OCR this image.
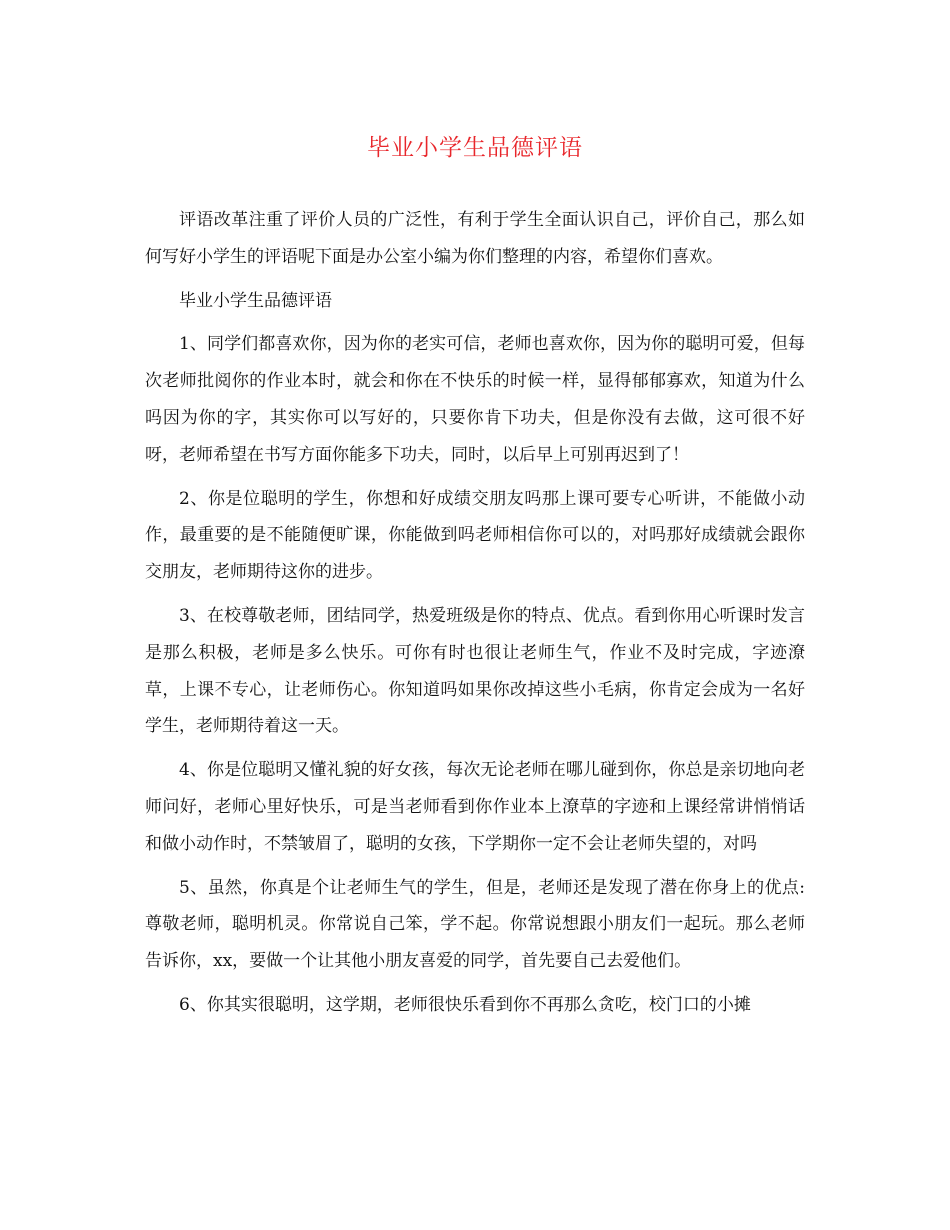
毕业小学生品德评语

评语改革注重了评价人员的广泛性，有利于学生全面认识自己，评价自己，那么如何写好小学生的评语呢下面是办公室小编为你们整理的内容，希望你们喜欢。

毕业小学生品德评语

1、同学们都喜欢你，因为你的老实可信，老师也喜欢你，因为你的聪明可爱，但每次老师批阅你的作业本时，就会和你在不快乐的时候一样，显得郁郁寡欢，知道为什么吗因为你的字，其实你可以写好的，只要你肯下功夫，但是你没有去做，这可很不好呀，老师希望在书写方面你能多下功夫，同时，以后早上可别再迟到了！

2、你是位聪明的学生，你想和好成绩交朋友吗那上课可要专心听讲，不能做小动作，最重要的是不能随便旷课，你能做到吗老师相信你可以的，对吗那好成绩就会跟你交朋友，老师期待这你的进步。

3、在校尊敬老师，团结同学，热爱班级是你的特点、优点。看到你用心听课时发言是那么积极，老师是多么快乐。可你有时也很让老师生气，作业不及时完成，字迹潦草，上课不专心，让老师伤心。你知道吗如果你改掉这些小毛病，你肯定会成为一名好学生，老师期待着这一天。

4、你是位聪明又懂礼貌的好女孩，每次无论老师在哪儿碰到你，你总是亲切地向老师问好，老师心里好快乐，可是当老师看到你作业本上潦草的字迹和上课经常讲悄悄话和做小动作时，不禁皱眉了，聪明的女孩，下学期你一定不会让老师失望的，对吗

5、虽然，你真是个让老师生气的学生，但是，老师还是发现了潜在你身上的优点:尊敬老师，聪明机灵。你常说自己笨，学不起。你常说想跟小朋友们一起玩。那么老师告诉你，xx，要做一个让其他小朋友喜爱的同学，首先要自己去爱他们。

6、你其实很聪明，这学期，老师很快乐看到你不再那么贪吃，校门口的小摊
